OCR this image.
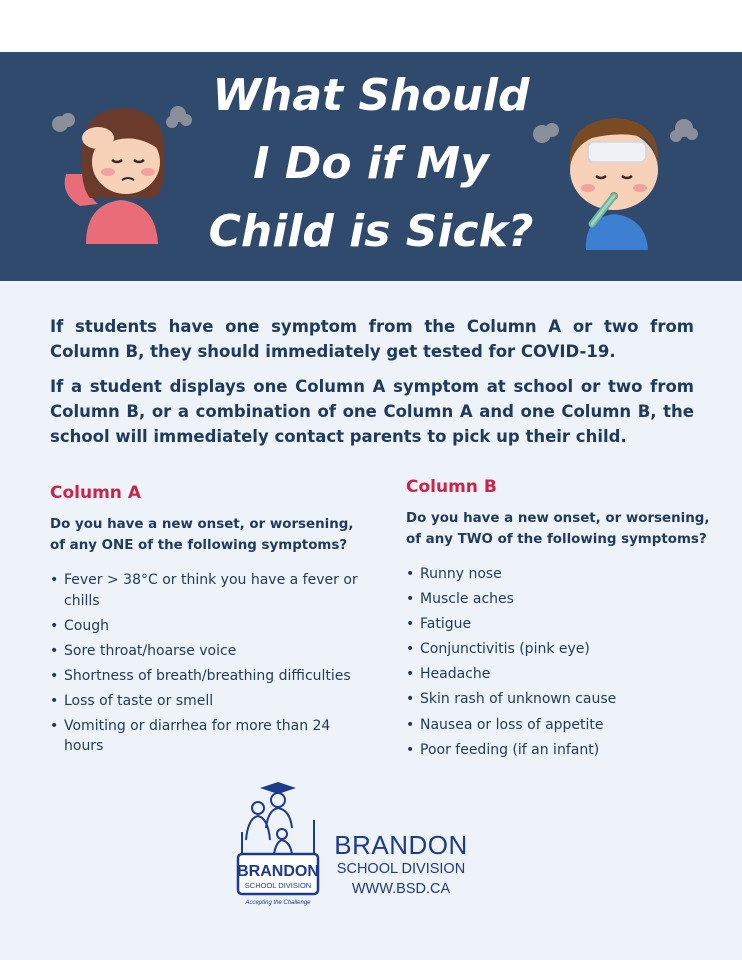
What Should
I Do if My
Child is Sick?

If students have one symptom from the Column A or two from Column B, they should immediately get tested for COVID-19.

If a student displays one Column A symptom at school or two from Column B, or a combination of one Column A and one Column B, the school will immediately contact parents to pick up their child.

Column A
Do you have a new onset, or worsening, of any ONE of the following symptoms?
• Fever > 38°C or think you have a fever or chills
• Cough
• Sore throat/hoarse voice
• Shortness of breath/breathing difficulties
• Loss of taste or smell
• Vomiting or diarrhea for more than 24 hours
Column B
Do you have a new onset, or worsening, of any TWO of the following symptoms?
• Runny nose
• Muscle aches
• Fatigue
• Conjunctivitis (pink eye)
• Headache
• Skin rash of unknown cause
• Nausea or loss of appetite
• Poor feeding (if an infant)
BRANDON
SCHOOL DIVISION
Accepting the Challenge
BRANDON
SCHOOL DIVISION
WWW.BSD.CA
